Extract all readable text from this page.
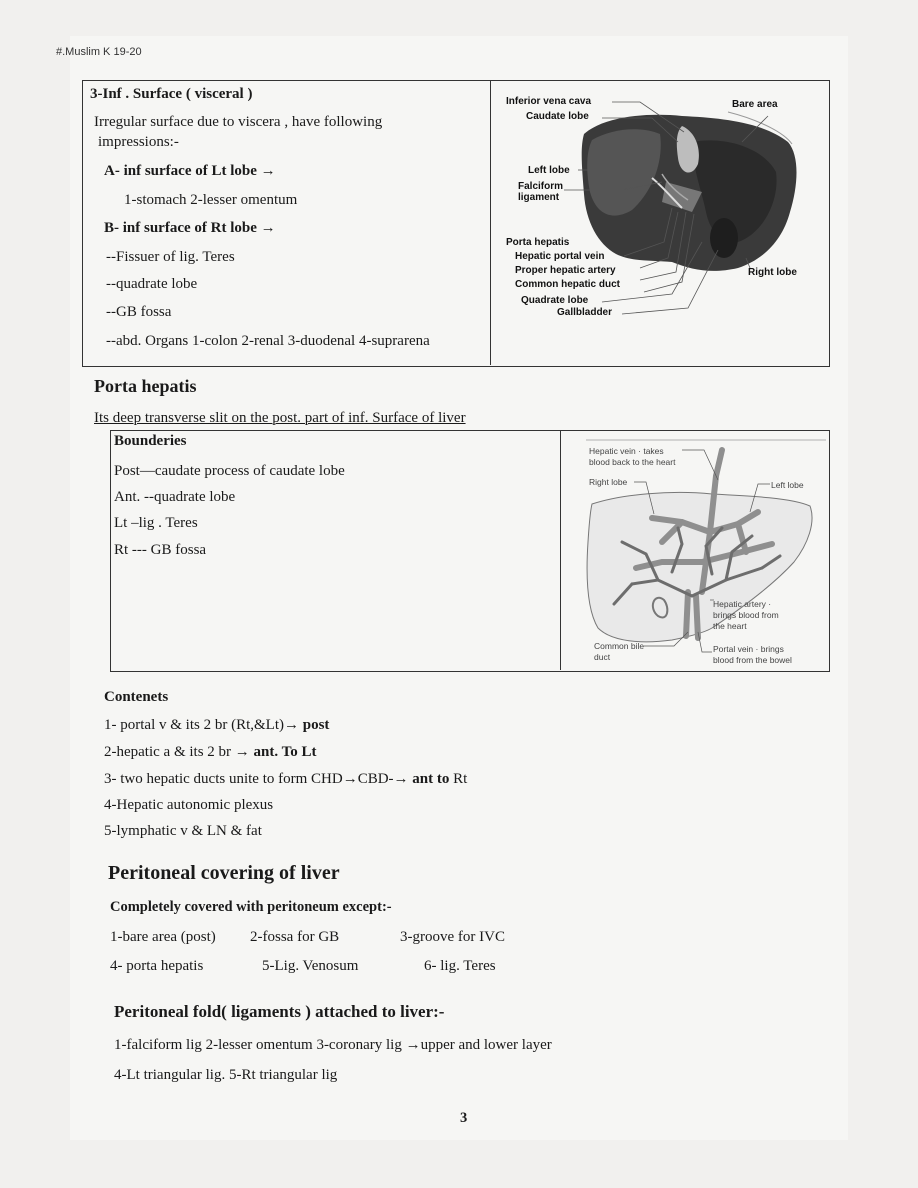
#.Muslim K 19-20
3-Inf . Surface ( visceral )
Irregular surface due to viscera , have following
impressions:-
A- inf surface of Lt lobe →
1-stomach 2-lesser omentum
B- inf surface of Rt lobe →
--Fissuer of lig. Teres
--quadrate lobe
--GB fossa
--abd. Organs 1-colon 2-renal 3-duodenal 4-suprarena
Inferior vena cava
Caudate lobe
Bare area
Left lobe
Falciform
ligament
Porta hepatis
Hepatic portal vein
Proper hepatic artery
Common hepatic duct
Quadrate lobe
Gallbladder
Right lobe
Porta hepatis
Its deep transverse slit on the post. part of inf. Surface of liver
Bounderies
Post—caudate process of caudate lobe
Ant. --quadrate lobe
Lt –lig . Teres
Rt --- GB fossa
Hepatic vein · takes
blood back to the heart
Right lobe	Left lobe
Hepatic artery ·
brings blood from
the heart
Common bile
duct
Portal vein · brings
blood from the bowel
Contenets
1- portal v & its 2 br (Rt,&Lt)→ post
2-hepatic a & its 2 br → ant. To Lt
3- two hepatic ducts unite to form CHD→CBD-→ ant to Rt
4-Hepatic autonomic plexus
5-lymphatic v & LN & fat
Peritoneal covering of liver
Completely covered with peritoneum except:-
1-bare area (post) 2-fossa for GB	3-groove for IVC
4- porta hepatis	5-Lig. Venosum	6- lig. Teres
Peritoneal fold( ligaments ) attached to liver:-
1-falciform lig 2-lesser omentum 3-coronary lig →upper and lower layer
4-Lt triangular lig. 5-Rt triangular lig
3
